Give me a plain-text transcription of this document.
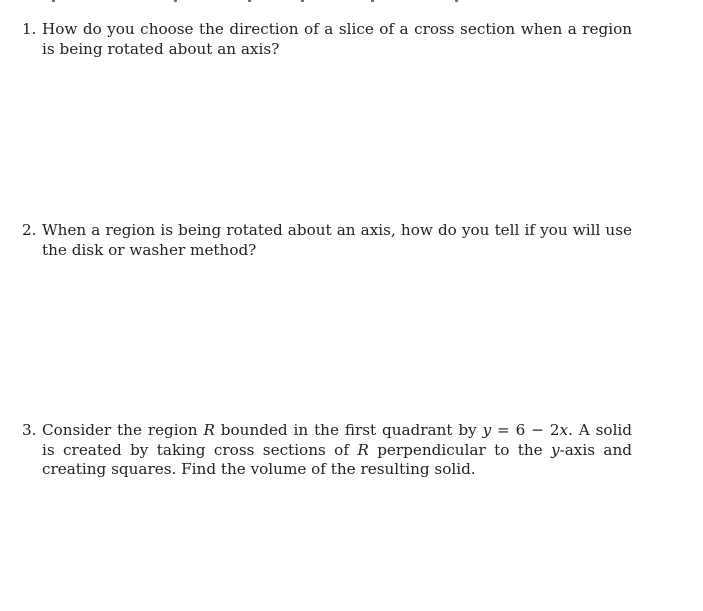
1. How do you choose the direction of a slice of a cross section when a region is being rotated about an axis?
2. When a region is being rotated about an axis, how do you tell if you will use the disk or washer method?
3. Consider the region R bounded in the first quadrant by y = 6 − 2x. A solid is created by taking cross sections of R perpendicular to the y-axis and creating squares. Find the volume of the resulting solid.
